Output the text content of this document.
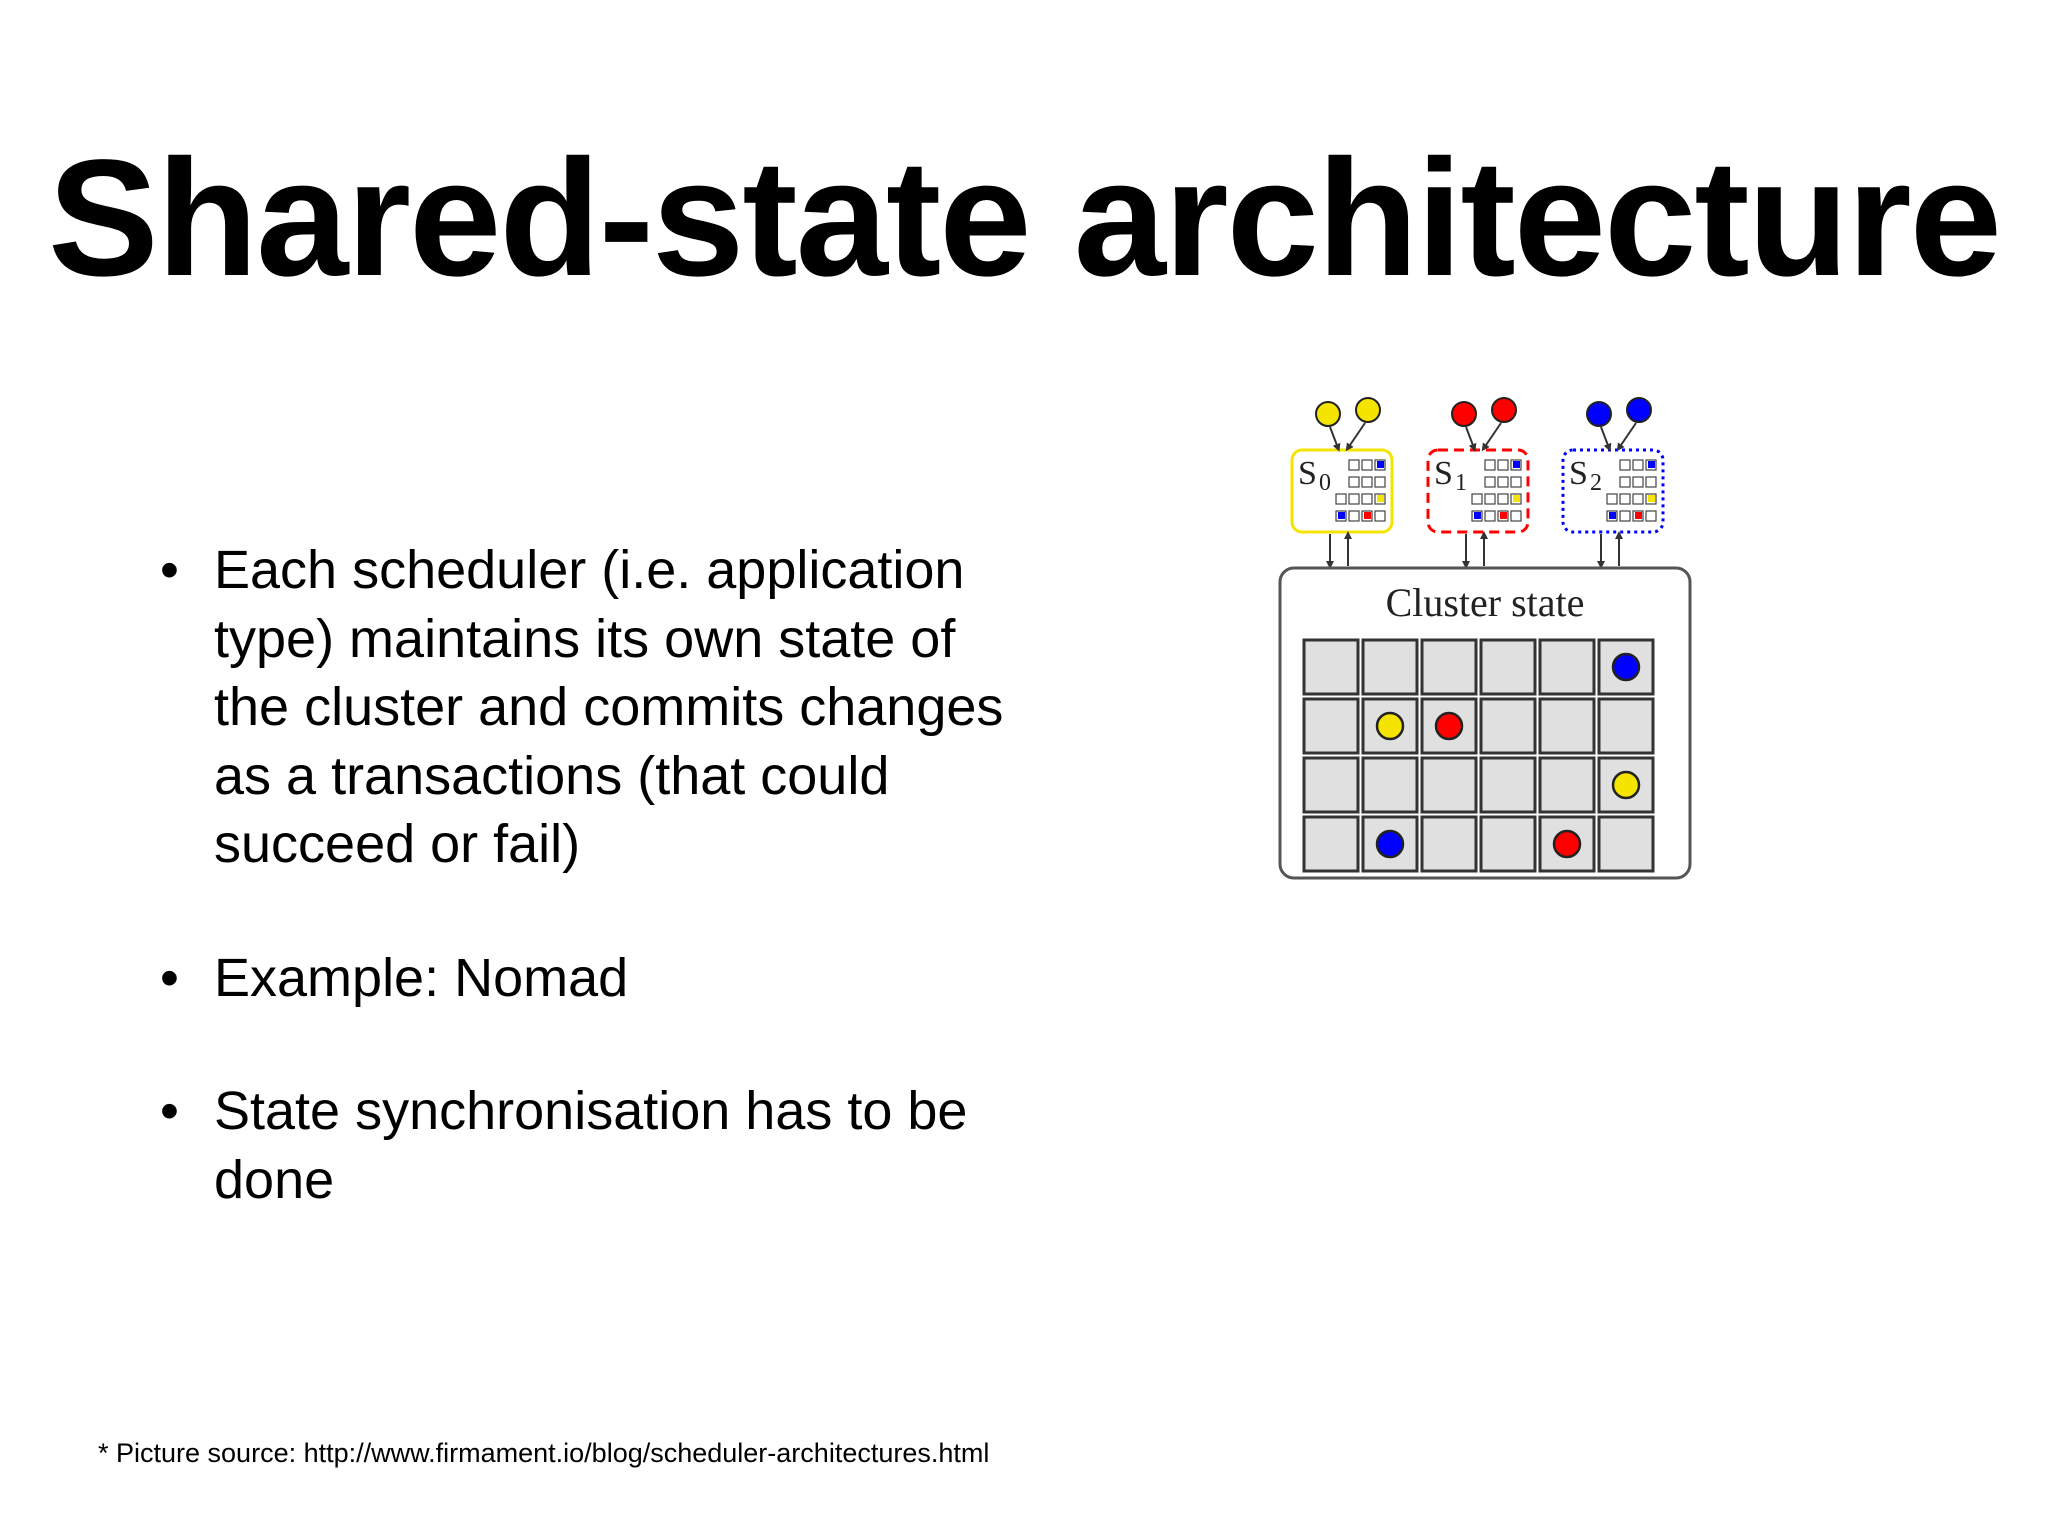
Shared-state architecture
• Each scheduler (i.e. application type) maintains its own state of the cluster and commits changes as a transactions (that could succeed or fail)
• Example: Nomad
• State synchronisation has to be done
S 0	S 1	S 2
Cluster state
* Picture source: http://www.firmament.io/blog/scheduler-architectures.html
